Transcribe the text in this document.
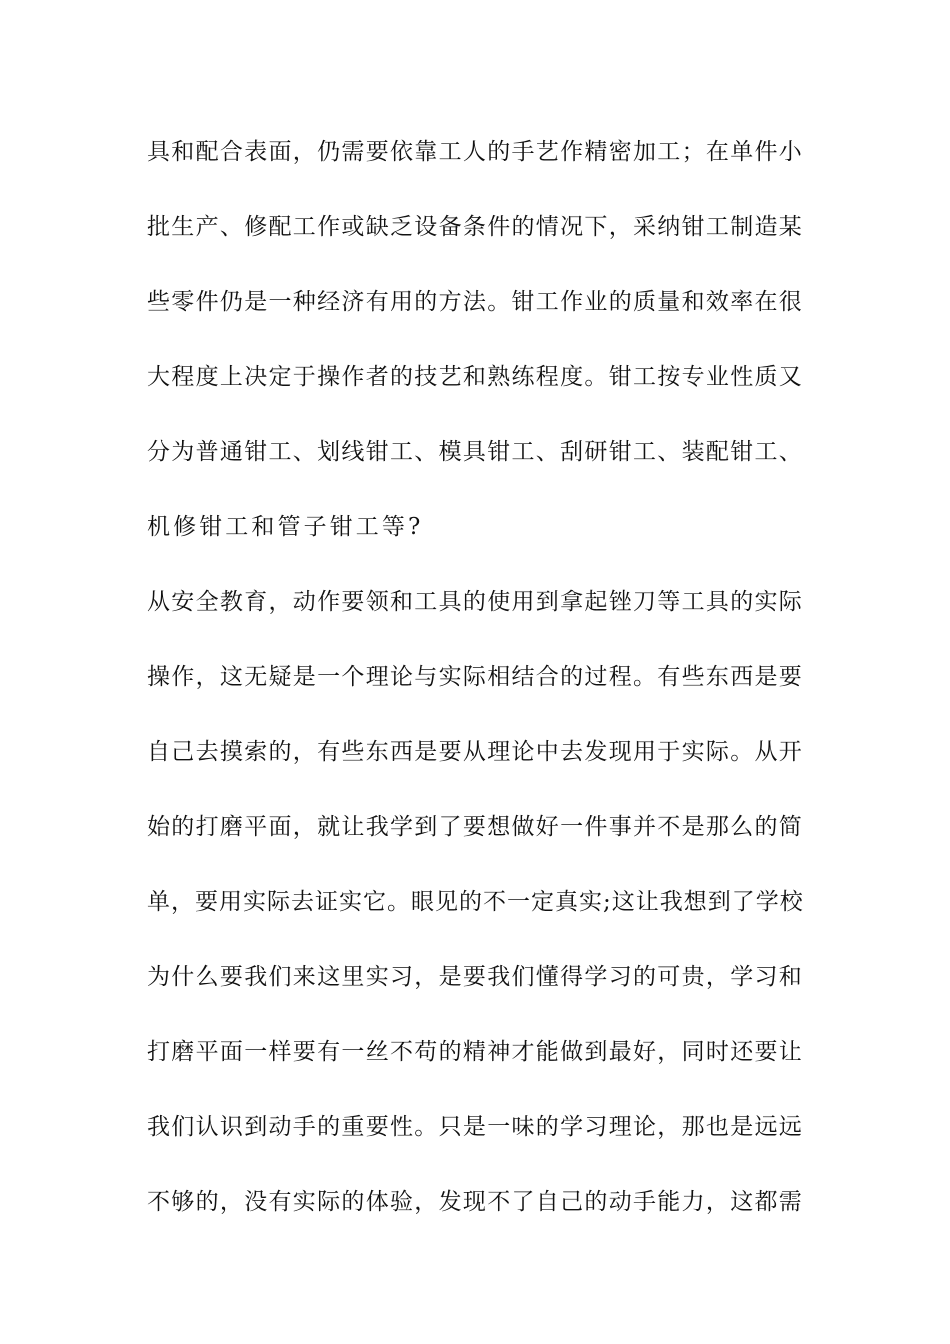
具和配合表面，仍需要依靠工人的手艺作精密加工；在单件小
批生产、修配工作或缺乏设备条件的情况下，采纳钳工制造某
些零件仍是一种经济有用的方法。钳工作业的质量和效率在很
大程度上决定于操作者的技艺和熟练程度。钳工按专业性质又
分为普通钳工、划线钳工、模具钳工、刮研钳工、装配钳工、
机修钳工和管子钳工等?
从安全教育，动作要领和工具的使用到拿起锉刀等工具的实际
操作，这无疑是一个理论与实际相结合的过程。有些东西是要
自己去摸索的，有些东西是要从理论中去发现用于实际。从开
始的打磨平面，就让我学到了要想做好一件事并不是那么的简
单，要用实际去证实它。眼见的不一定真实;这让我想到了学校
为什么要我们来这里实习，是要我们懂得学习的可贵，学习和
打磨平面一样要有一丝不苟的精神才能做到最好，同时还要让
我们认识到动手的重要性。只是一味的学习理论，那也是远远
不够的，没有实际的体验，发现不了自己的动手能力，这都需
